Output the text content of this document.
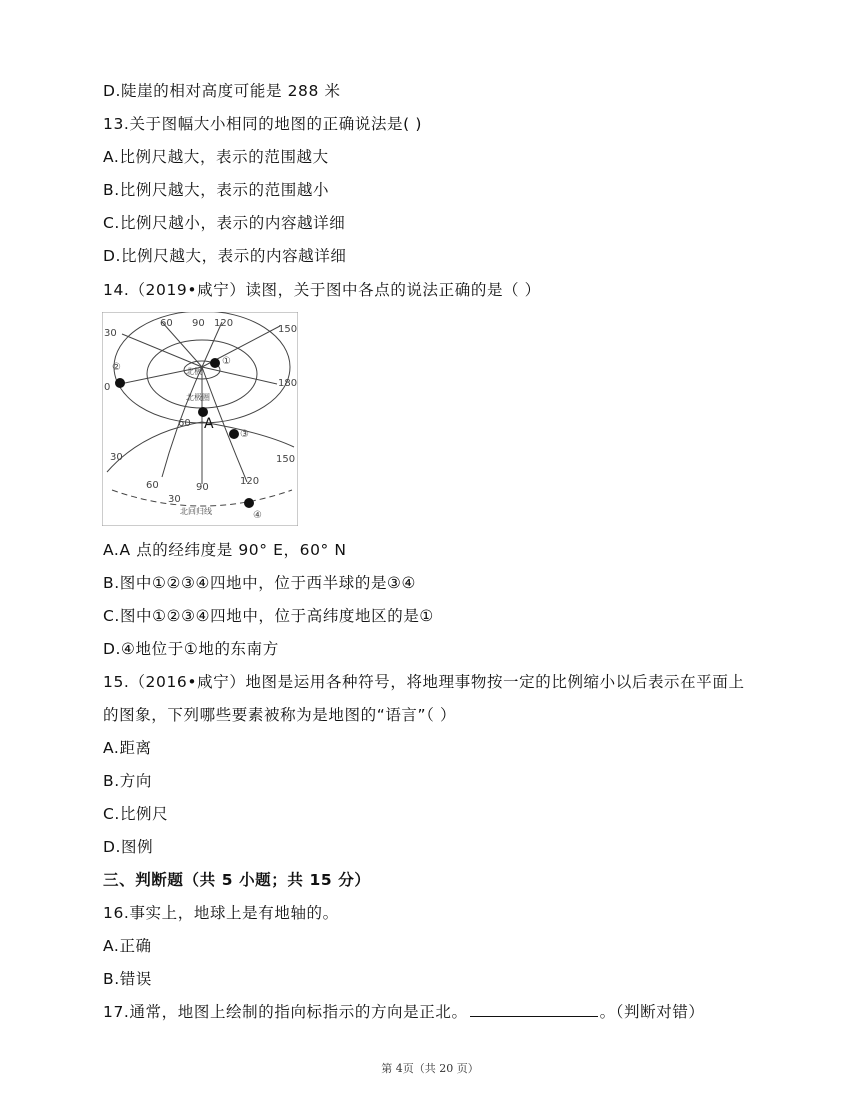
D.陡崖的相对高度可能是 288 米
13.关于图幅大小相同的地图的正确说法是( )
A.比例尺越大，表示的范围越大
B.比例尺越大，表示的范围越小
C.比例尺越小，表示的内容越详细
D.比例尺越大，表示的内容越详细
14.（2019•咸宁）读图，关于图中各点的说法正确的是（ ）
60 90 120
150
180
30
0
60
60
30
90
120
150
30
北极
北极圈
北回归线
A
②
①
③
④
A.A 点的经纬度是 90° E，60° N
B.图中①②③④四地中，位于西半球的是③④
C.图中①②③④四地中，位于高纬度地区的是①
D.④地位于①地的东南方
15.（2016•咸宁）地图是运用各种符号，将地理事物按一定的比例缩小以后表示在平面上
的图象，下列哪些要素被称为是地图的“语言”（ ）
A.距离
B.方向
C.比例尺
D.图例
三、判断题（共 5 小题；共 15 分）
16.事实上，地球上是有地轴的。
A.正确
B.错误
17.通常，地图上绘制的指向标指示的方向是正北。	。（判断对错）
第 4页（共 20 页）
